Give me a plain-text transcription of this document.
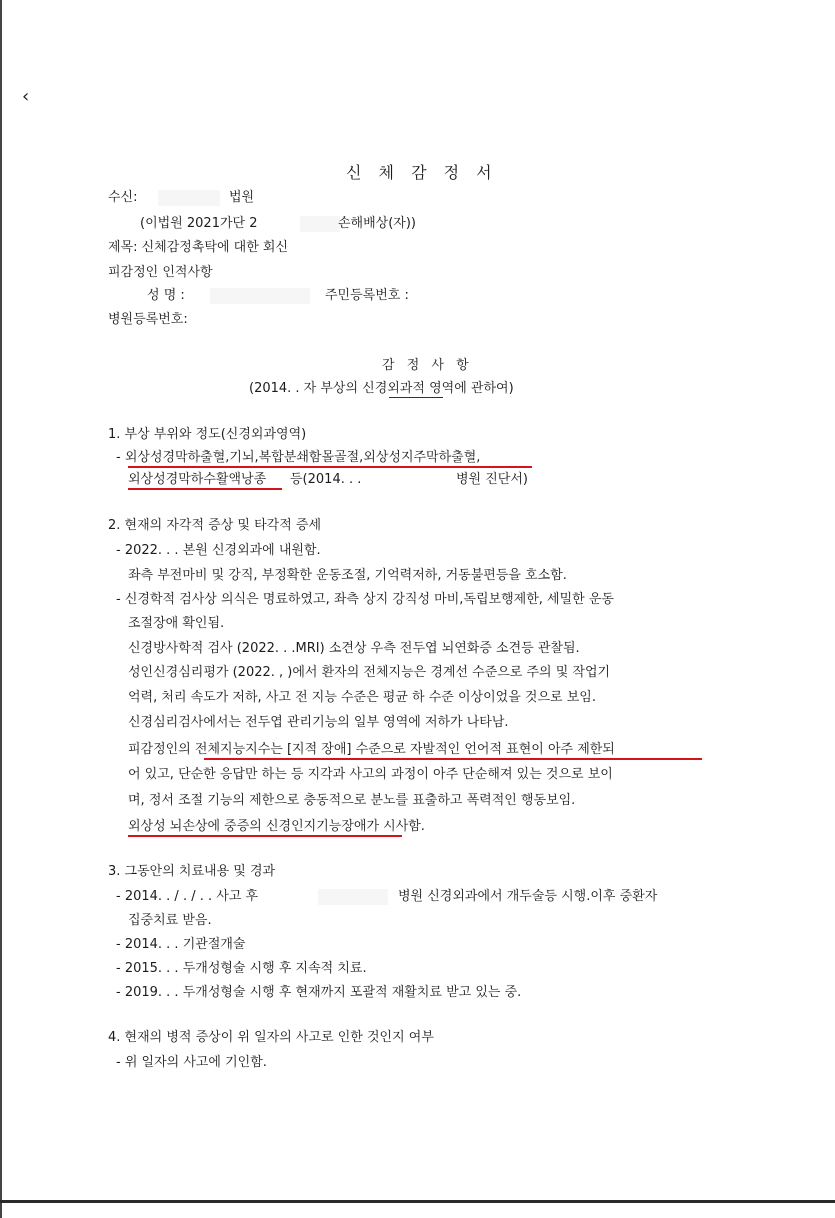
‹
신 체 감 정 서
수신:	법원
(이법원 2021가단 2	손해배상(자))
제목: 신체감정촉탁에 대한 회신
피감정인 인적사항
성 명 :	주민등록번호 :
병원등록번호:
감 정 사 항
(2014. . 자 부상의 신경외과적 영역에 관하여)
1. 부상 부위와 정도(신경외과영역)
- 외상성경막하출혈,기뇌,복합분쇄함몰골절,외상성지주막하출혈,
외상성경막하수활액낭종 등(2014. . .	병원 진단서)
2. 현재의 자각적 증상 및 타각적 증세
- 2022. . . 본원 신경외과에 내원함.
좌측 부전마비 및 강직, 부정확한 운동조절, 기억력저하, 거동불편등을 호소함.
- 신경학적 검사상 의식은 명료하였고, 좌측 상지 강직성 마비,독립보행제한, 세밀한 운동
조절장애 확인됨.
신경방사학적 검사 (2022. . .MRI) 소견상 우측 전두엽 뇌연화증 소견등 관찰됨.
성인신경심리평가 (2022. , )에서 환자의 전체지능은 경계선 수준으로 주의 및 작업기
억력, 처리 속도가 저하, 사고 전 지능 수준은 평균 하 수준 이상이었을 것으로 보임.
신경심리검사에서는 전두엽 관리기능의 일부 영역에 저하가 나타남.
피감정인의 전체지능지수는 [지적 장애] 수준으로 자발적인 언어적 표현이 아주 제한되
어 있고, 단순한 응답만 하는 등 지각과 사고의 과정이 아주 단순해져 있는 것으로 보이
며, 정서 조절 기능의 제한으로 충동적으로 분노를 표출하고 폭력적인 행동보임.
외상성 뇌손상에 중증의 신경인지기능장애가 시사함.
3. 그동안의 치료내용 및 경과
- 2014. . / . / . . 사고 후	병원 신경외과에서 개두술등 시행.이후 중환자
집중치료 받음.
- 2014. . . 기관절개술
- 2015. . . 두개성형술 시행 후 지속적 치료.
- 2019. . . 두개성형술 시행 후 현재까지 포괄적 재활치료 받고 있는 중.
4. 현재의 병적 증상이 위 일자의 사고로 인한 것인지 여부
- 위 일자의 사고에 기인함.
